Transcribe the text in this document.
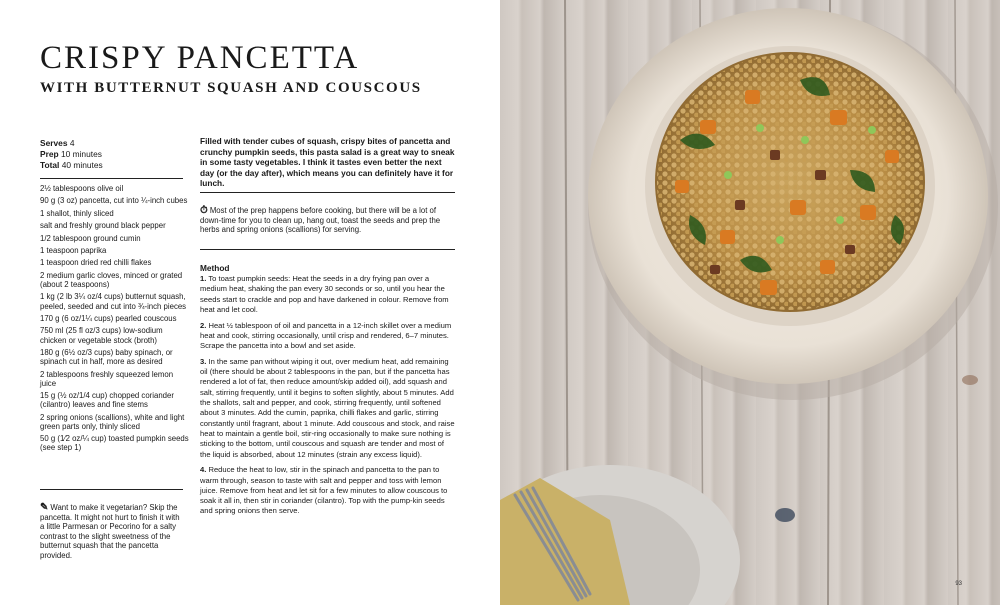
CRISPY PANCETTA
WITH BUTTERNUT SQUASH AND COUSCOUS
Serves 4
Prep 10 minutes
Total 40 minutes
2½ tablespoons olive oil
90 g (3 oz) pancetta, cut into ¼-inch cubes
1 shallot, thinly sliced
salt and freshly ground black pepper
1/2 tablespoon ground cumin
1 teaspoon paprika
1 teaspoon dried red chilli flakes
2 medium garlic cloves, minced or grated (about 2 teaspoons)
1 kg (2 lb 3¼ oz/4 cups) butternut squash, peeled, seeded and cut into ¾-inch pieces
170 g (6 oz/1¼ cups) pearled couscous
750 ml (25 fl oz/3 cups) low-sodium chicken or vegetable stock (broth)
180 g (6½ oz/3 cups) baby spinach, or spinach cut in half, more as desired
2 tablespoons freshly squeezed lemon juice
15 g (½ oz/1/4 cup) chopped coriander (cilantro) leaves and fine stems
2 spring onions (scallions), white and light green parts only, thinly sliced
50 g (1⁄2 oz/¼ cup) toasted pumpkin seeds (see step 1)
✎ Want to make it vegetarian? Skip the pancetta. It might not hurt to finish it with a little Parmesan or Pecorino for a salty contrast to the slight sweetness of the butternut squash that the pancetta provided.
Filled with tender cubes of squash, crispy bites of pancetta and crunchy pumpkin seeds, this pasta salad is a great way to sneak in some tasty vegetables. I think it tastes even better the next day (or the day after), which means you can definitely have it for lunch.
⏱ Most of the prep happens before cooking, but there will be a lot of down-time for you to clean up, hang out, toast the seeds and prep the herbs and spring onions (scallions) for serving.
Method

1. To toast pumpkin seeds: Heat the seeds in a dry frying pan over a medium heat, shaking the pan every 30 seconds or so, until you hear the seeds start to crackle and pop and have darkened in colour. Remove from heat and let cool.

2. Heat ½ tablespoon of oil and pancetta in a 12-inch skillet over a medium heat and cook, stirring occasionally, until crisp and rendered, 6–7 minutes. Scrape the pancetta into a bowl and set aside.

3. In the same pan without wiping it out, over medium heat, add remaining oil (there should be about 2 tablespoons in the pan, but if the pancetta has rendered a lot of fat, then reduce amount/skip added oil), add squash and salt, stirring frequently, until it begins to soften slightly, about 5 minutes. Add the shallots, salt and pepper, and cook, stirring frequently, until softened about 3 minutes. Add the cumin, paprika, chilli flakes and garlic, stirring constantly until fragrant, about 1 minute. Add couscous and stock, and raise heat to maintain a gentle boil, stir-ring occasionally to make sure nothing is sticking to the bottom, until couscous and squash are tender and most of the liquid is absorbed, about 12 minutes (strain any excess liquid).

4. Reduce the heat to low, stir in the spinach and pancetta to the pan to warm through, season to taste with salt and pepper and toss with lemon juice. Remove from heat and let sit for a few minutes to allow couscous to soak it all in, then stir in coriander (cilantro). Top with the pump-kin seeds and spring onions then serve.

93
